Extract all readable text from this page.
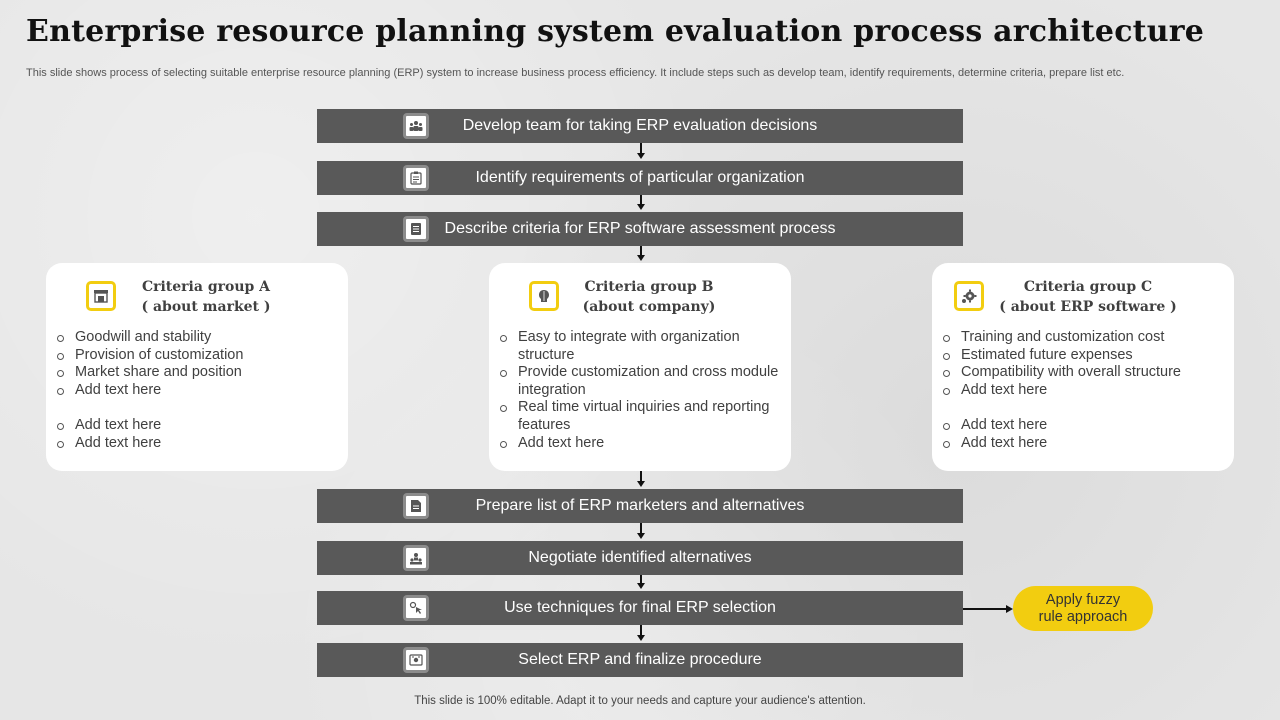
Enterprise resource planning system evaluation process architecture
This slide shows process of selecting suitable enterprise resource planning (ERP) system to increase business process efficiency. It include steps such as develop team, identify requirements, determine criteria, prepare list etc.
Develop team for taking ERP evaluation decisions
Identify requirements of particular organization
Describe criteria for ERP software assessment process
Prepare list of ERP marketers and alternatives
Negotiate identified alternatives
Use techniques for final ERP selection
Select ERP and finalize procedure
Criteria group A
( about market )
Goodwill and stability
Provision of customization
Market share and position
Add text here
Add text here
Add text here
Criteria group B
(about company)
Easy to integrate with organization structure
Provide customization and cross module integration
Real time virtual inquiries and reporting features
Add text here
Criteria group C
( about ERP software )
Training and customization cost
Estimated future expenses
Compatibility with overall structure
Add text here
Add text here
Add text here
Apply fuzzy
rule approach
This slide is 100% editable. Adapt it to your needs and capture your audience's attention.
